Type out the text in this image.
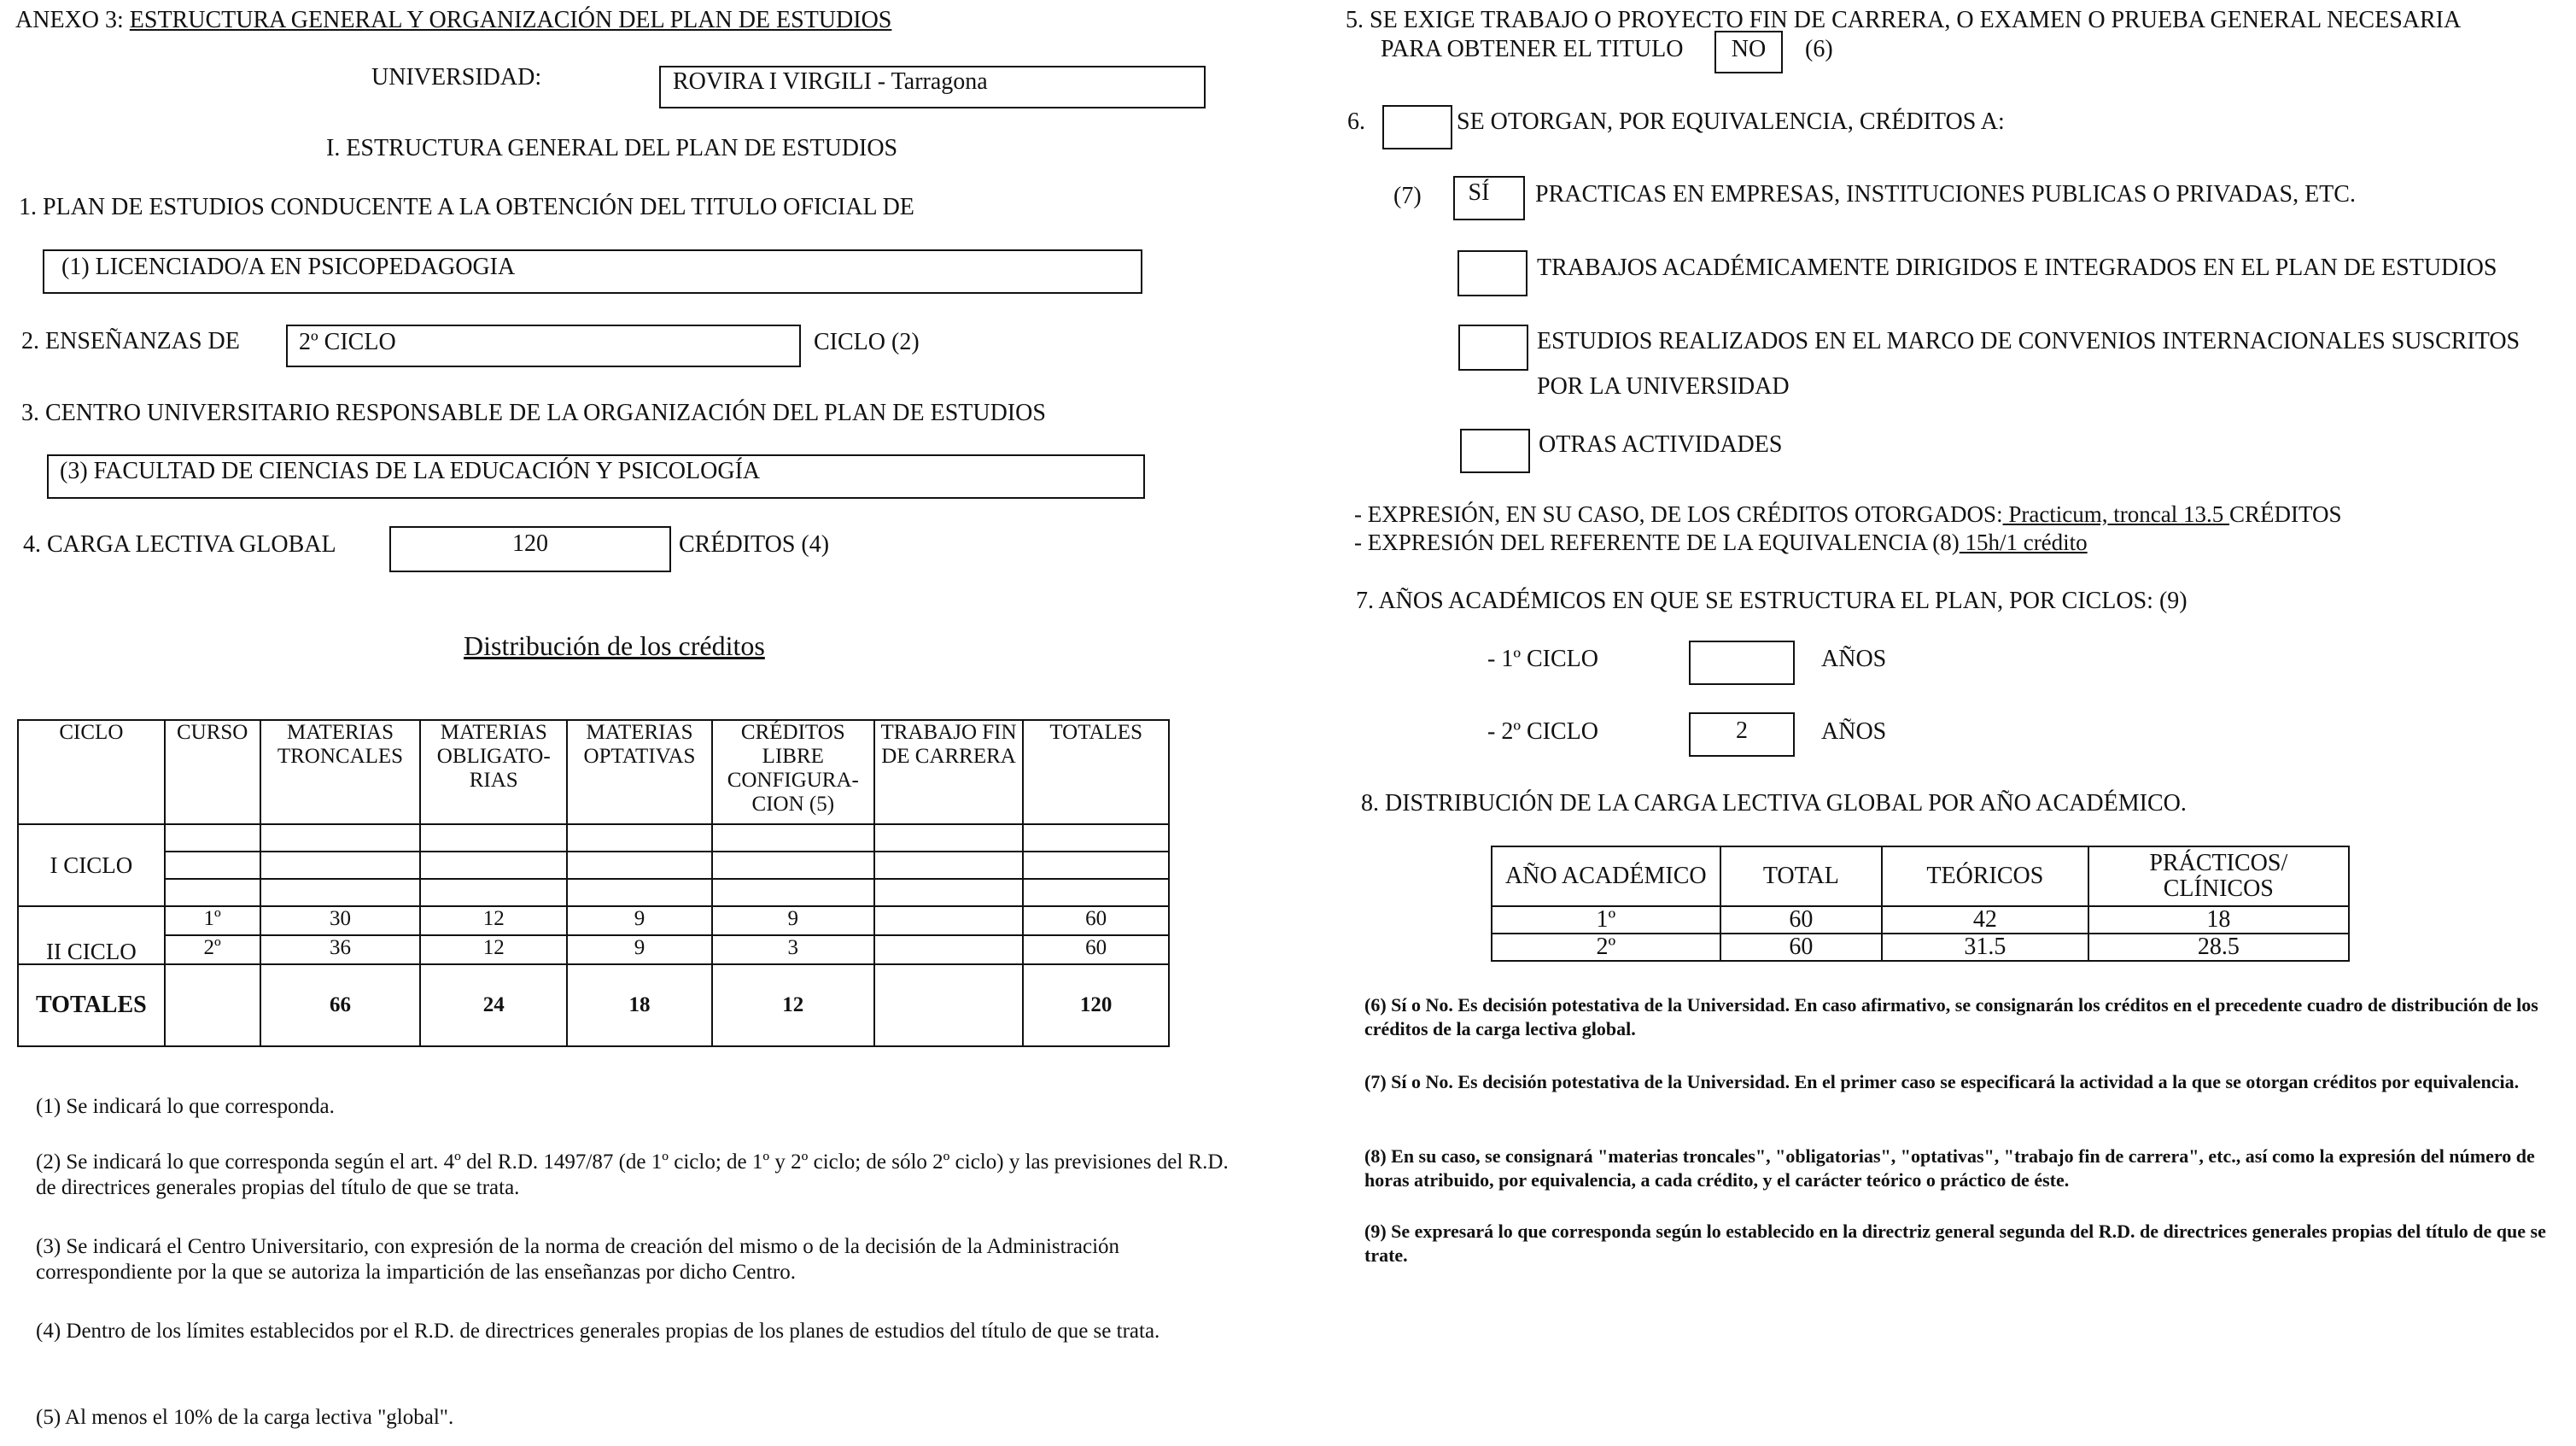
ANEXO 3: ESTRUCTURA GENERAL Y ORGANIZACIÓN DEL PLAN DE ESTUDIOS
UNIVERSIDAD:	ROVIRA I VIRGILI - Tarragona
I. ESTRUCTURA GENERAL DEL PLAN DE ESTUDIOS
1. PLAN DE ESTUDIOS CONDUCENTE A LA OBTENCIÓN DEL TITULO OFICIAL DE
(1) LICENCIADO/A EN PSICOPEDAGOGIA
2. ENSEÑANZAS DE 2º CICLO	CICLO (2)
3. CENTRO UNIVERSITARIO RESPONSABLE DE LA ORGANIZACIÓN DEL PLAN DE ESTUDIOS
(3) FACULTAD DE CIENCIAS DE LA EDUCACIÓN Y PSICOLOGÍA
4. CARGA LECTIVA GLOBAL	120	CRÉDITOS (4)
Distribución de los créditos
CICLO	CURSO	MATERIAS TRONCALES	MATERIAS OBLIGATO-RIAS	MATERIAS OPTATIVAS	CRÉDITOS LIBRE CONFIGURA-CION (5)	TRABAJO FIN DE CARRERA	TOTALES
I CICLO							

II CICLO	1º	30	12	9	9		60
	2º	36	12	9	3		60
TOTALES		66	24	18	12		120
(1) Se indicará lo que corresponda.
(2) Se indicará lo que corresponda según el art. 4º del R.D. 1497/87 (de 1º ciclo; de 1º y 2º ciclo; de sólo 2º ciclo) y las previsiones del R.D. de directrices generales propias del título de que se trata.
(3) Se indicará el Centro Universitario, con expresión de la norma de creación del mismo o de la decisión de la Administración correspondiente por la que se autoriza la impartición de las enseñanzas por dicho Centro.
(4) Dentro de los límites establecidos por el R.D. de directrices generales propias de los planes de estudios del título de que se trata.
(5) Al menos el 10% de la carga lectiva "global".
5. SE EXIGE TRABAJO O PROYECTO FIN DE CARRERA, O EXAMEN O PRUEBA GENERAL NECESARIA
PARA OBTENER EL TITULO	NO	(6)
6.	SE OTORGAN, POR EQUIVALENCIA, CRÉDITOS A:
(7)	SÍ	PRACTICAS EN EMPRESAS, INSTITUCIONES PUBLICAS O PRIVADAS, ETC.
TRABAJOS ACADÉMICAMENTE DIRIGIDOS E INTEGRADOS EN EL PLAN DE ESTUDIOS
ESTUDIOS REALIZADOS EN EL MARCO DE CONVENIOS INTERNACIONALES SUSCRITOS
POR LA UNIVERSIDAD
OTRAS ACTIVIDADES
- EXPRESIÓN, EN SU CASO, DE LOS CRÉDITOS OTORGADOS: Practicum, troncal 13.5 CRÉDITOS
- EXPRESIÓN DEL REFERENTE DE LA EQUIVALENCIA (8) 15h/1 crédito
7. AÑOS ACADÉMICOS EN QUE SE ESTRUCTURA EL PLAN, POR CICLOS: (9)
- 1º CICLO	AÑOS
- 2º CICLO	2	AÑOS
8. DISTRIBUCIÓN DE LA CARGA LECTIVA GLOBAL POR AÑO ACADÉMICO.
AÑO ACADÉMICO	TOTAL	TEÓRICOS	PRÁCTICOS/ CLÍNICOS
1º	60	42	18
2º	60	31.5	28.5
(6) Sí o No. Es decisión potestativa de la Universidad. En caso afirmativo, se consignarán los créditos en el precedente cuadro de distribución de los créditos de la carga lectiva global.
(7) Sí o No. Es decisión potestativa de la Universidad. En el primer caso se especificará la actividad a la que se otorgan créditos por equivalencia.
(8) En su caso, se consignará "materias troncales", "obligatorias", "optativas", "trabajo fin de carrera", etc., así como la expresión del número de horas atribuido, por equivalencia, a cada crédito, y el carácter teórico o práctico de éste.
(9) Se expresará lo que corresponda según lo establecido en la directriz general segunda del R.D. de directrices generales propias del título de que se trate.
